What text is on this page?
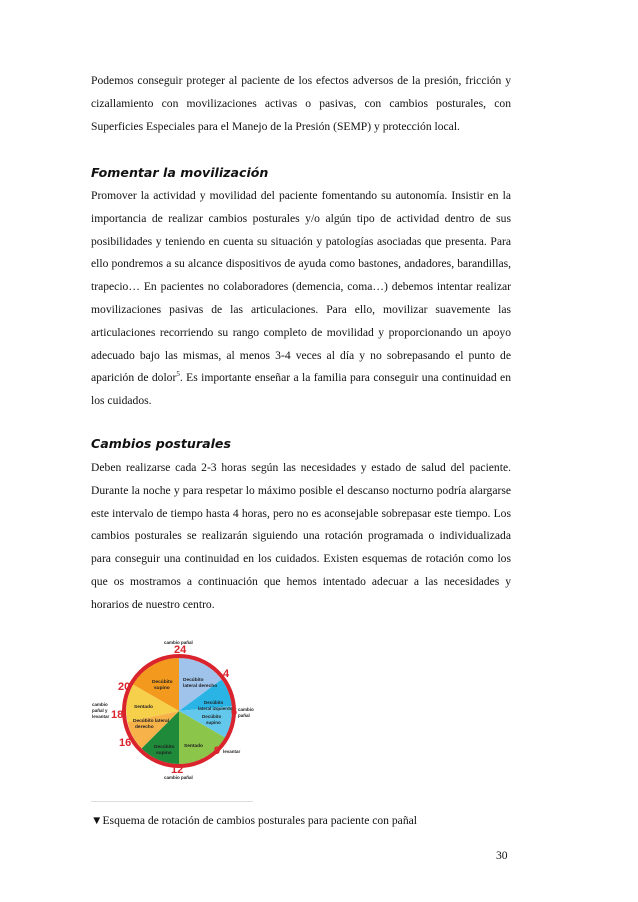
Podemos conseguir proteger al paciente de los efectos adversos de la presión, fricción y cizallamiento con movilizaciones activas o pasivas, con cambios posturales, con Superficies Especiales para el Manejo de la Presión (SEMP) y protección local.

Fomentar la movilización

Promover la actividad y movilidad del paciente fomentando su autonomía. Insistir en la importancia de realizar cambios posturales y/o algún tipo de actividad dentro de sus posibilidades y teniendo en cuenta su situación y patologías asociadas que presenta. Para ello pondremos a su alcance dispositivos de ayuda como bastones, andadores, barandillas, trapecio… En pacientes no colaboradores (demencia, coma…) debemos intentar realizar movilizaciones pasivas de las articulaciones. Para ello, movilizar suavemente las articulaciones recorriendo su rango completo de movilidad y proporcionando un apoyo adecuado bajo las mismas, al menos 3-4 veces al día y no sobrepasando el punto de aparición de dolor$^5$. Es importante enseñar a la familia para conseguir una continuidad en los cuidados.

Cambios posturales

Deben realizarse cada 2-3 horas según las necesidades y estado de salud del paciente. Durante la noche y para respetar lo máximo posible el descanso nocturno podría alargarse este intervalo de tiempo hasta 4 horas, pero no es aconsejable sobrepasar este tiempo. Los cambios posturales se realizarán siguiendo una rotación programada o individualizada para conseguir una continuidad en los cuidados. Existen esquemas de rotación como los que os mostramos a continuación que hemos intentado adecuar a las necesidades y horarios de nuestro centro.

24
4
6
9
12
16
18
20
cambio pañal
cambio
pañal
levantar
cambio pañal
cambio
pañal y
levantar
Decúbito
supino
Decúbito
lateral derecho
Decúbito
lateral izquierdo
Decúbito
supino
Sentado
Decúbito lateral
derecho
Decúbito
supino
Sentado

▼Esquema de rotación de cambios posturales para paciente con pañal

30
